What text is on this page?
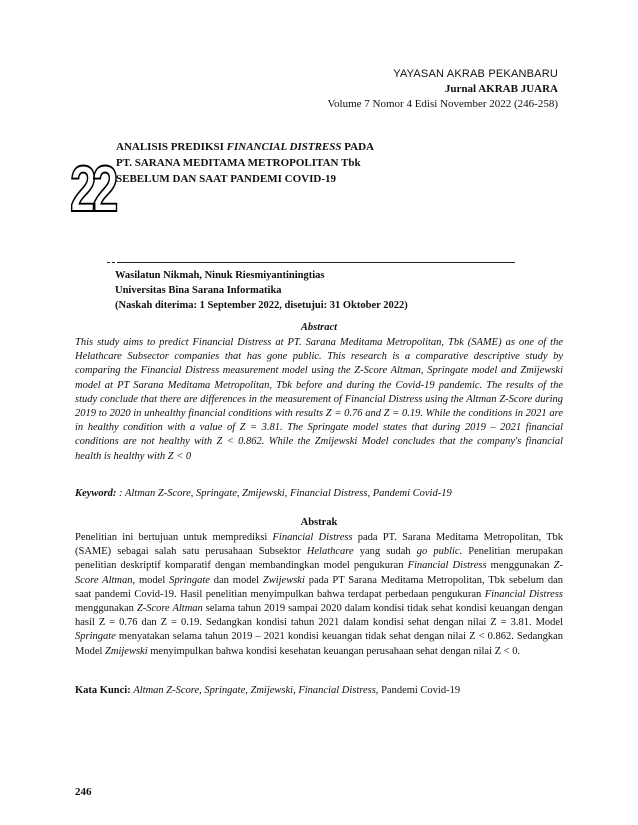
YAYASAN AKRAB PEKANBARU
Jurnal AKRAB JUARA
Volume 7 Nomor 4 Edisi November 2022 (246-258)
22
ANALISIS PREDIKSI FINANCIAL DISTRESS PADA
PT. SARANA MEDITAMA METROPOLITAN Tbk
SEBELUM DAN SAAT PANDEMI COVID-19
Wasilatun Nikmah, Ninuk Riesmiyantiningtias
Universitas Bina Sarana Informatika
(Naskah diterima: 1 September 2022, disetujui: 31 Oktober 2022)
Abstract
This study aims to predict Financial Distress at PT. Sarana Meditama Metropolitan, Tbk (SAME) as one of the Helathcare Subsector companies that has gone public. This research is a comparative descriptive study by comparing the Financial Distress measurement model using the Z-Score Altman, Springate model and Zmijewski model at PT Sarana Meditama Metropolitan, Tbk before and during the Covid-19 pandemic. The results of the study conclude that there are differences in the measurement of Financial Distress using the Altman Z-Score during 2019 to 2020 in unhealthy financial conditions with results Z = 0.76 and Z = 0.19. While the conditions in 2021 are in healthy condition with a value of Z = 3.81. The Springate model states that during 2019 – 2021 financial conditions are not healthy with Z < 0.862. While the Zmijewski Model concludes that the company's financial health is healthy with Z < 0
Keyword: : Altman Z-Score, Springate, Zmijewski, Financial Distress, Pandemi Covid-19
Abstrak
Penelitian ini bertujuan untuk memprediksi Financial Distress pada PT. Sarana Meditama Metropolitan, Tbk (SAME) sebagai salah satu perusahaan Subsektor Helathcare yang sudah go public. Penelitian merupakan penelitian deskriptif komparatif dengan membandingkan model pengukuran Financial Distress menggunakan Z-Score Altman, model Springate dan model Zwijewski pada PT Sarana Meditama Metropolitan, Tbk sebelum dan saat pandemi Covid-19. Hasil penelitian menyimpulkan bahwa terdapat perbedaan pengukuran Financial Distress menggunakan Z-Score Altman selama tahun 2019 sampai 2020 dalam kondisi tidak sehat kondisi keuangan dengan hasil Z = 0.76 dan Z = 0.19. Sedangkan kondisi tahun 2021 dalam kondisi sehat dengan nilai Z = 3.81. Model Springate menyatakan selama tahun 2019 – 2021 kondisi keuangan tidak sehat dengan nilai Z < 0.862. Sedangkan Model Zmijewski menyimpulkan bahwa kondisi kesehatan keuangan perusahaan sehat dengan nilai Z < 0.
Kata Kunci: Altman Z-Score, Springate, Zmijewski, Financial Distress, Pandemi Covid-19
246
